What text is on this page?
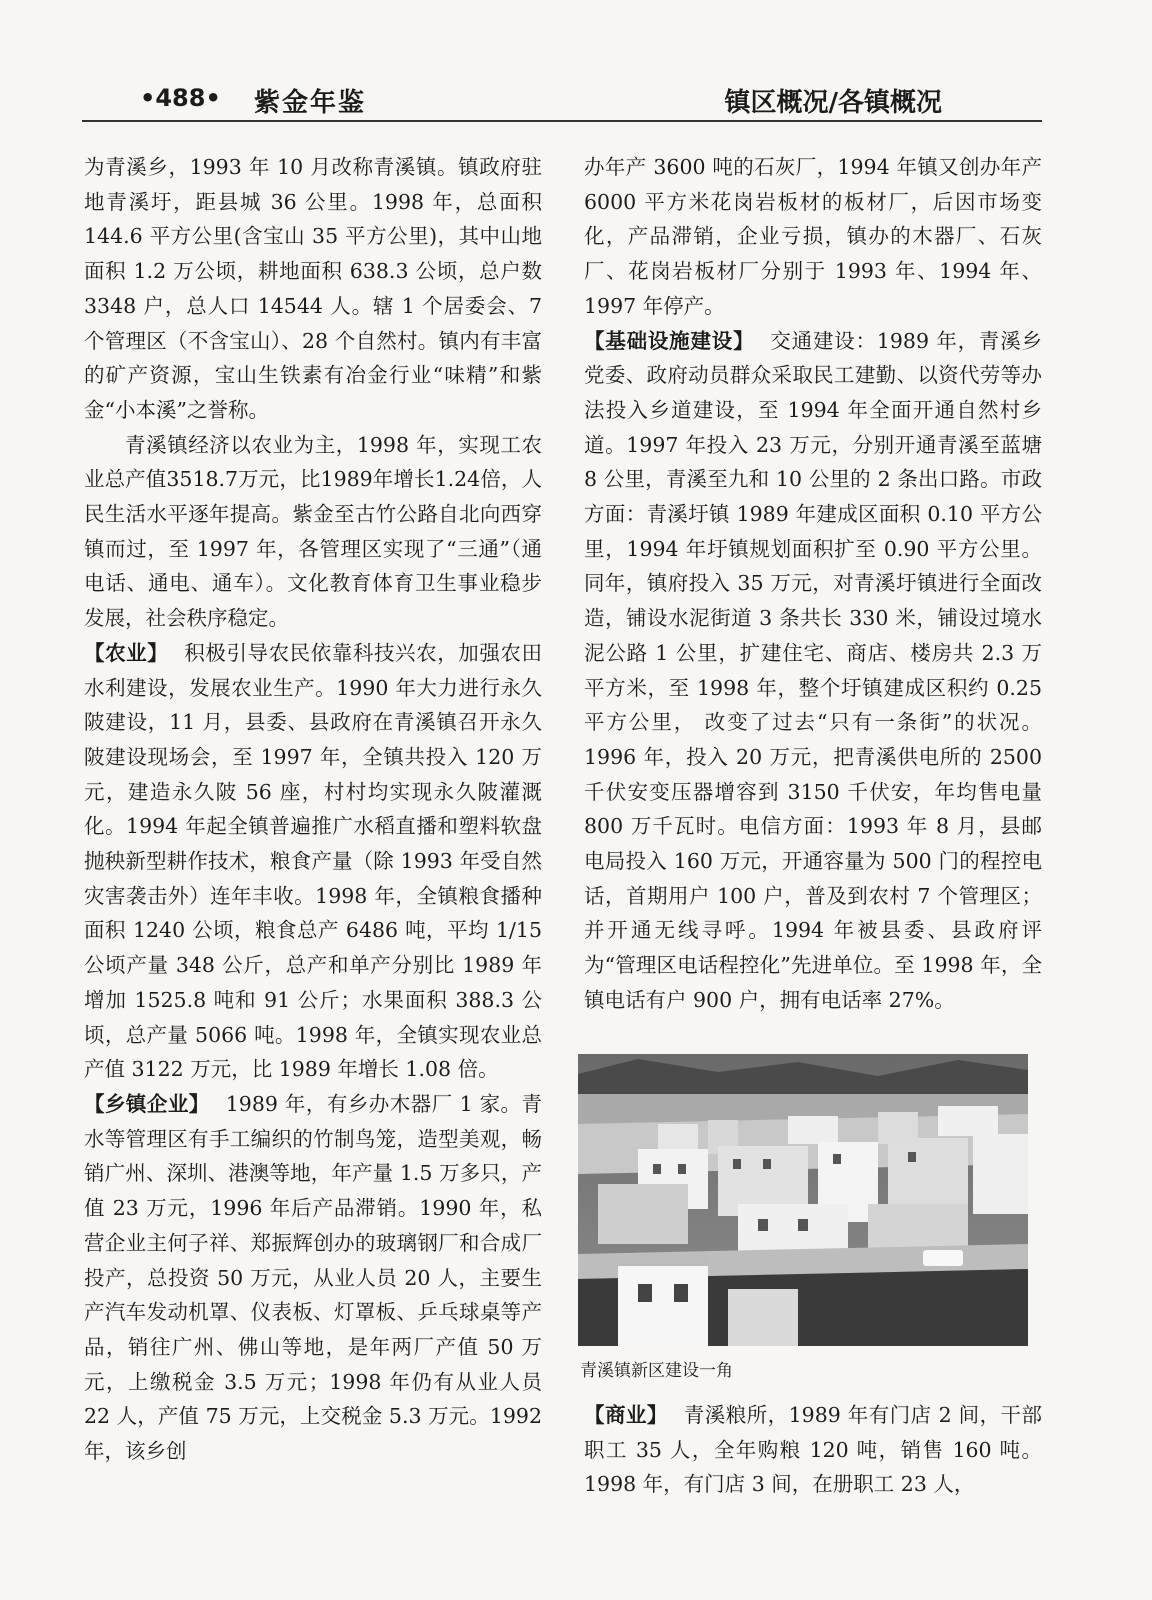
•488• 紫金年鉴	镇区概况/各镇概况

为青溪乡，1993 年 10 月改称青溪镇。镇政府驻地青溪圩，距县城 36 公里。1998 年，总面积 144.6 平方公里(含宝山 35 平方公里)，其中山地面积 1.2 万公顷，耕地面积 638.3 公顷，总户数 3348 户，总人口 14544 人。辖 1 个居委会、7 个管理区（不含宝山）、28 个自然村。镇内有丰富的矿产资源，宝山生铁素有冶金行业“味精”和紫金“小本溪”之誉称。

青溪镇经济以农业为主，1998 年，实现工农业总产值3518.7万元，比1989年增长1.24倍，人民生活水平逐年提高。紫金至古竹公路自北向西穿镇而过，至 1997 年，各管理区实现了“三通”（通电话、通电、通车）。文化教育体育卫生事业稳步发展，社会秩序稳定。

【农业】 积极引导农民依靠科技兴农，加强农田水利建设，发展农业生产。1990 年大力进行永久陂建设，11 月，县委、县政府在青溪镇召开永久陂建设现场会，至 1997 年，全镇共投入 120 万元，建造永久陂 56 座，村村均实现永久陂灌溉化。1994 年起全镇普遍推广水稻直播和塑料软盘抛秧新型耕作技术，粮食产量（除 1993 年受自然灾害袭击外）连年丰收。1998 年，全镇粮食播种面积 1240 公顷，粮食总产 6486 吨，平均 1/15 公顷产量 348 公斤，总产和单产分别比 1989 年增加 1525.8 吨和 91 公斤；水果面积 388.3 公顷，总产量 5066 吨。1998 年，全镇实现农业总产值 3122 万元，比 1989 年增长 1.08 倍。

【乡镇企业】 1989 年，有乡办木器厂 1 家。青水等管理区有手工编织的竹制鸟笼，造型美观，畅销广州、深圳、港澳等地，年产量 1.5 万多只，产值 23 万元，1996 年后产品滞销。1990 年，私营企业主何子祥、郑振辉创办的玻璃钢厂和合成厂投产，总投资 50 万元，从业人员 20 人，主要生产汽车发动机罩、仪表板、灯罩板、乒乓球桌等产品，销往广州、佛山等地，是年两厂产值 50 万元，上缴税金 3.5 万元；1998 年仍有从业人员 22 人，产值 75 万元，上交税金 5.3 万元。1992 年，该乡创

办年产 3600 吨的石灰厂，1994 年镇又创办年产 6000 平方米花岗岩板材的板材厂，后因市场变化，产品滞销，企业亏损，镇办的木器厂、石灰厂、花岗岩板材厂分别于 1993 年、1994 年、1997 年停产。

【基础设施建设】 交通建设：1989 年，青溪乡党委、政府动员群众采取民工建勤、以资代劳等办法投入乡道建设，至 1994 年全面开通自然村乡道。1997 年投入 23 万元，分别开通青溪至蓝塘 8 公里，青溪至九和 10 公里的 2 条出口路。市政方面：青溪圩镇 1989 年建成区面积 0.10 平方公里，1994 年圩镇规划面积扩至 0.90 平方公里。同年，镇府投入 35 万元，对青溪圩镇进行全面改造，铺设水泥街道 3 条共长 330 米，铺设过境水泥公路 1 公里，扩建住宅、商店、楼房共 2.3 万平方米，至 1998 年，整个圩镇建成区积约 0.25 平方公里， 改变了过去“只有一条街”的状况。1996 年，投入 20 万元，把青溪供电所的 2500 千伏安变压器增容到 3150 千伏安，年均售电量 800 万千瓦时。电信方面：1993 年 8 月，县邮电局投入 160 万元，开通容量为 500 门的程控电话，首期用户 100 户，普及到农村 7 个管理区；并开通无线寻呼。1994 年被县委、县政府评为“管理区电话程控化”先进单位。至 1998 年，全镇电话有户 900 户，拥有电话率 27%。

青溪镇新区建设一角
【商业】 青溪粮所，1989 年有门店 2 间，干部职工 35 人，全年购粮 120 吨，销售 160 吨。1998 年，有门店 3 间，在册职工 23 人，
